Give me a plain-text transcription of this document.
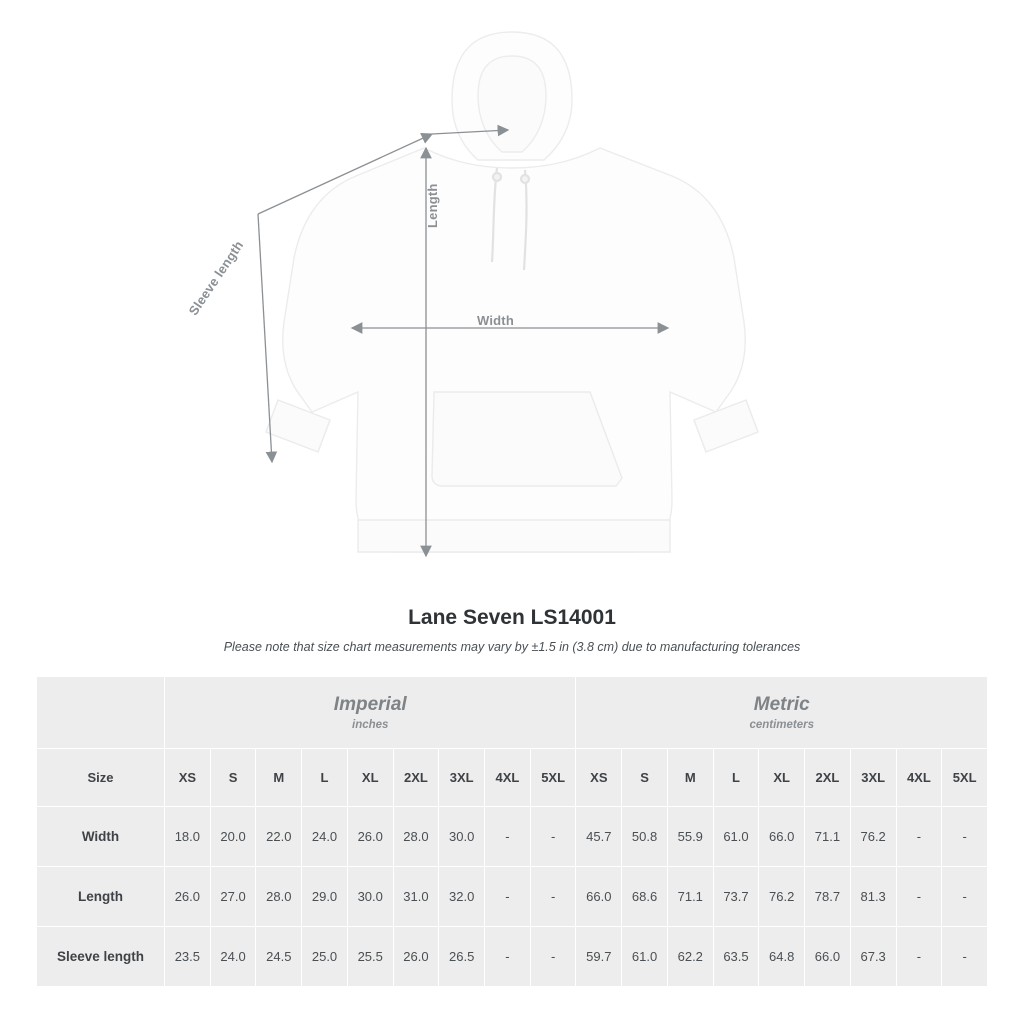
Width
Length
Sleeve length
Lane Seven LS14001

Please note that size chart measurements may vary by ±1.5 in (3.8 cm) due to manufacturing tolerances

	Imperial
inches									Metric
centimeters								

Size	XS	S	M	L	XL	2XL	3XL	4XL	5XL	XS	S	M	L	XL	2XL	3XL	4XL	5XL
Width	18.0	20.0	22.0	24.0	26.0	28.0	30.0	-	-	45.7	50.8	55.9	61.0	66.0	71.1	76.2	-	-
Length	26.0	27.0	28.0	29.0	30.0	31.0	32.0	-	-	66.0	68.6	71.1	73.7	76.2	78.7	81.3	-	-
Sleeve length	23.5	24.0	24.5	25.0	25.5	26.0	26.5	-	-	59.7	61.0	62.2	63.5	64.8	66.0	67.3	-	-
